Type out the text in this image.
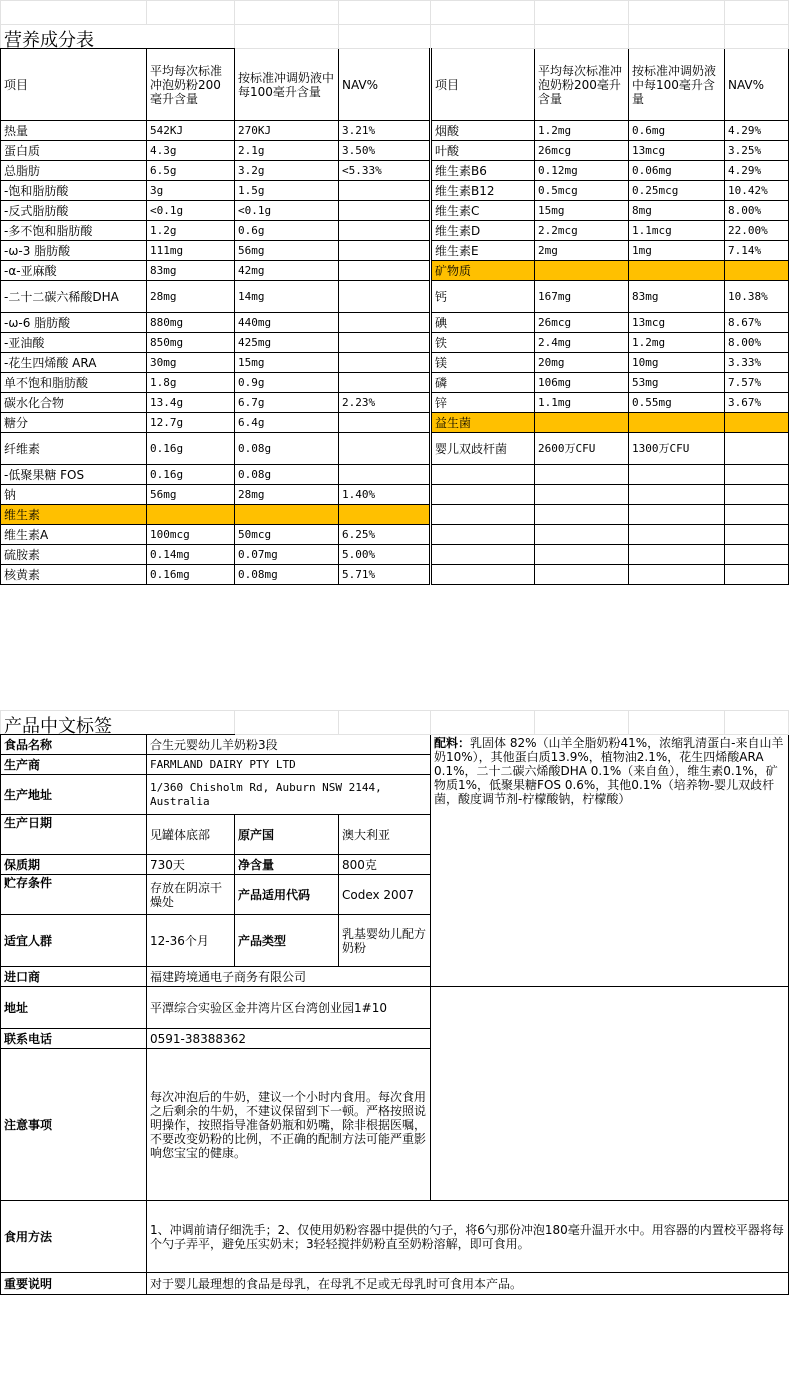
营养成分表							
项目	平均每次标准冲泡奶粉200毫升含量	按标准冲调奶液中每100毫升含量	NAV%	项目	平均每次标准冲泡奶粉200毫升含量	按标准冲调奶液中每100毫升含量	NAV%
热量	542KJ	270KJ	3.21%	烟酸	1.2mg	0.6mg	4.29%
蛋白质	4.3g	2.1g	3.50%	叶酸	26mcg	13mcg	3.25%
总脂肪	6.5g	3.2g	<5.33%	维生素B6	0.12mg	0.06mg	4.29%
-饱和脂肪酸	3g	1.5g		维生素B12	0.5mcg	0.25mcg	10.42%
-反式脂肪酸	<0.1g	<0.1g		维生素C	15mg	8mg	8.00%
-多不饱和脂肪酸	1.2g	0.6g		维生素D	2.2mcg	1.1mcg	22.00%
-ω-3 脂肪酸	111mg	56mg		维生素E	2mg	1mg	7.14%
-α-亚麻酸	83mg	42mg		矿物质			
-二十二碳六稀酸DHA	28mg	14mg		钙	167mg	83mg	10.38%
-ω-6 脂肪酸	880mg	440mg		碘	26mcg	13mcg	8.67%
-亚油酸	850mg	425mg		铁	2.4mg	1.2mg	8.00%
-花生四烯酸 ARA	30mg	15mg		镁	20mg	10mg	3.33%
单不饱和脂肪酸	1.8g	0.9g		磷	106mg	53mg	7.57%
碳水化合物	13.4g	6.7g	2.23%	锌	1.1mg	0.55mg	3.67%
糖分	12.7g	6.4g		益生菌			
纤维素	0.16g	0.08g		婴儿双歧杆菌	2600万CFU	1300万CFU	
-低聚果糖 FOS	0.16g	0.08g					
钠	56mg	28mg	1.40%				
维生素							
维生素A	100mcg	50mcg	6.25%				
硫胺素	0.14mg	0.07mg	5.00%				
核黄素	0.16mg	0.08mg	5.71%				
产品中文标签							
食品名称	合生元婴幼儿羊奶粉3段			配料：乳固体 82%（山羊全脂奶粉41%，浓缩乳清蛋白-来自山羊奶10%），其他蛋白质13.9%，植物油2.1%，花生四烯酸ARA 0.1%，二十二碳六烯酸DHA 0.1%（来自鱼），维生素0.1%，矿物质1%，低聚果糖FOS 0.6%，其他0.1%（培养物-婴儿双歧杆菌，酸度调节剂-柠檬酸钠，柠檬酸）			
生产商	FARMLAND DAIRY PTY LTD						
生产地址	1/360 Chisholm Rd, Auburn NSW 2144, Australia						
生产日期	见罐体底部	原产国	澳大利亚				
保质期	730天	净含量	800克				
贮存条件	存放在阴凉干燥处	产品适用代码	Codex 2007				
适宜人群	12-36个月	产品类型	乳基婴幼儿配方奶粉				
进口商	福建跨境通电子商务有限公司						
地址	平潭综合实验区金井湾片区台湾创业园1#10						
联系电话	0591-38388362						
注意事项	每次冲泡后的牛奶，建议一个小时内食用。每次食用之后剩余的牛奶，不建议保留到下一顿。严格按照说明操作，按照指导准备奶瓶和奶嘴，除非根据医嘱，不要改变奶粉的比例，不正确的配制方法可能严重影响您宝宝的健康。						
食用方法	1、冲调前请仔细洗手；2、仅使用奶粉容器中提供的勺子，将6勺那份冲泡180毫升温开水中。用容器的内置校平器将每个勺子弄平，避免压实奶末；3轻轻搅拌奶粉直至奶粉溶解，即可食用。						
重要说明	对于婴儿最理想的食品是母乳，在母乳不足或无母乳时可食用本产品。						
